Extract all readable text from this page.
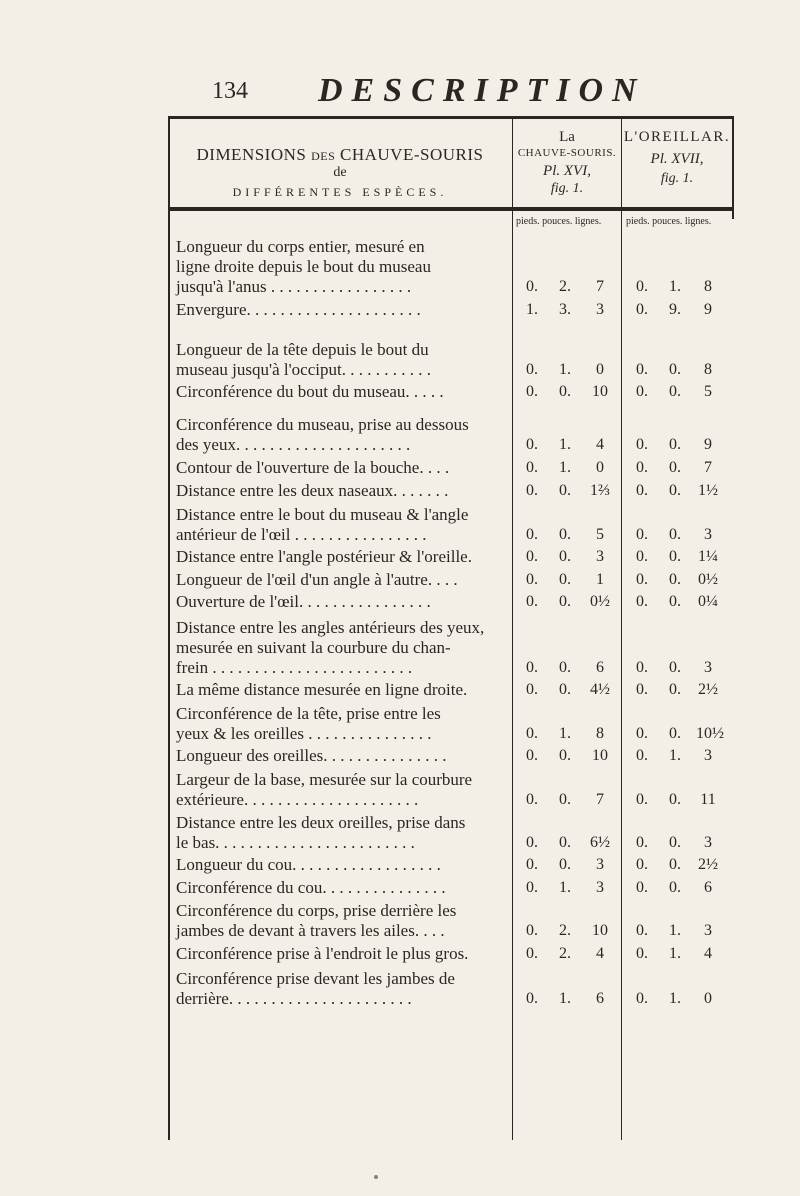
134 DESCRIPTION
DIMENSIONS DES CHAUVE-SOURIS
de
DIFFÉRENTES ESPÈCES.
La
CHAUVE-SOURIS.
Pl. XVI,
fig. 1.
L'OREILLAR.
Pl. XVII,
fig. 1.
pieds. pouces. lignes. pieds. pouces. lignes.
Longueur du corps entier, mesuré en
ligne droite depuis le bout du museau
jusqu'à l'anus . . . . . . . . . . . . . . . . .	0.	2.	7	0.	1.	8
Envergure. . . . . . . . . . . . . . . . . . . . .	1.	3.	3	0.	9.	9
Longueur de la tête depuis le bout du
museau jusqu'à l'occiput. . . . . . . . . . .	0.	1.	0	0.	0.	8
Circonférence du bout du museau. . . . .	0.	0.	10	0.	0.	5
Circonférence du museau, prise au dessous
des yeux. . . . . . . . . . . . . . . . . . . . .	0.	1.	4	0.	0.	9
Contour de l'ouverture de la bouche. . . .	0.	1.	0	0.	0.	7
Distance entre les deux naseaux. . . . . . .	0.	0.	1⅔	0.	0.	1½
Distance entre le bout du museau & l'angle
antérieur de l'œil . . . . . . . . . . . . . . . .	0.	0.	5	0.	0.	3
Distance entre l'angle postérieur & l'oreille.	0.	0.	3	0.	0.	1¼
Longueur de l'œil d'un angle à l'autre. . . .	0.	0.	1	0.	0.	0½
Ouverture de l'œil. . . . . . . . . . . . . . . .	0.	0.	0½	0.	0.	0¼
Distance entre les angles antérieurs des yeux,
mesurée en suivant la courbure du chan-
frein . . . . . . . . . . . . . . . . . . . . . . . .	0.	0.	6	0.	0.	3
La même distance mesurée en ligne droite.	0.	0.	4½	0.	0.	2½
Circonférence de la tête, prise entre les
yeux & les oreilles . . . . . . . . . . . . . . .	0.	1.	8	0.	0. 10½
Longueur des oreilles. . . . . . . . . . . . . . .	0.	0.	10	0.	1.	3
Largeur de la base, mesurée sur la courbure
extérieure. . . . . . . . . . . . . . . . . . . . .	0.	0.	7	0.	0.	11
Distance entre les deux oreilles, prise dans
le bas. . . . . . . . . . . . . . . . . . . . . . . .	0.	0.	6½	0.	0.	3
Longueur du cou. . . . . . . . . . . . . . . . . .	0.	0.	3	0.	0.	2½
Circonférence du cou. . . . . . . . . . . . . . .	0.	1.	3	0.	0.	6
Circonférence du corps, prise derrière les
jambes de devant à travers les ailes. . . .	0.	2.	10	0.	1.	3
Circonférence prise à l'endroit le plus gros.	0.	2.	4	0.	1.	4
Circonférence prise devant les jambes de
derrière. . . . . . . . . . . . . . . . . . . . . .	0.	1.	6	0.	1.	0
